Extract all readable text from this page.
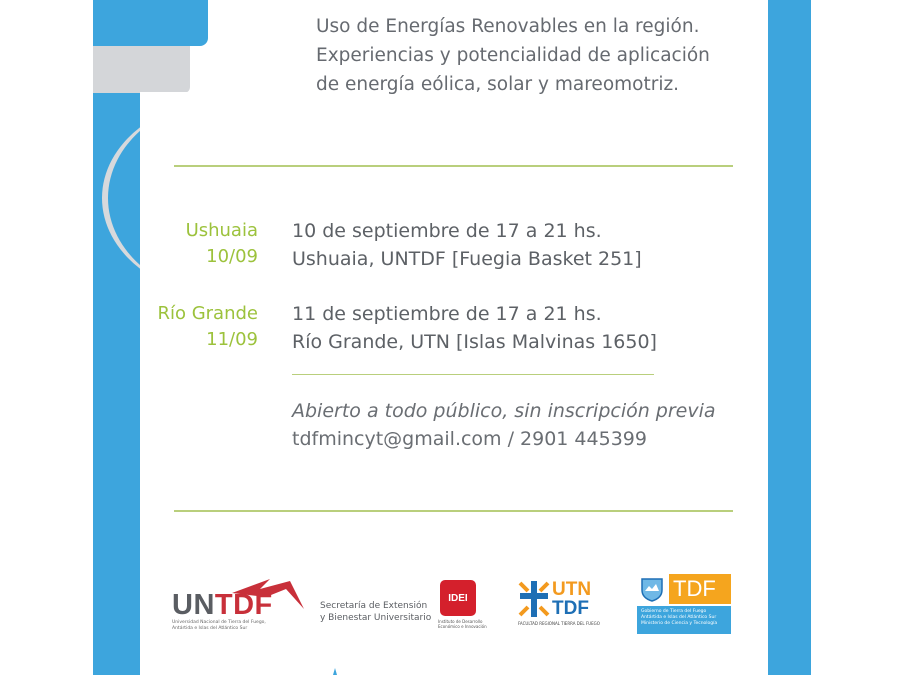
Uso de Energías Renovables en la región.
Experiencias y potencialidad de aplicación
de energía eólica, solar y mareomotriz.
Ushuaia
10/09
10 de septiembre de 17 a 21 hs.
Ushuaia, UNTDF [Fuegia Basket 251]
Río Grande
11/09
11 de septiembre de 17 a 21 hs.
Río Grande, UTN [Islas Malvinas 1650]
Abierto a todo público, sin inscripción previa
tdfmincyt@gmail.com / 2901 445399
UNTDF
Universidad Nacional de Tierra del Fuego,
Antártida e Islas del Atlántico Sur
Secretaría de Extensión
y Bienestar Universitario
IDEI
Instituto de Desarrollo
Económico e Innovación
UTN
TDF
FACULTAD REGIONAL TIERRA DEL FUEGO
TDF
Gobierno de Tierra del Fuego
Antártida e Islas del Atlántico Sur
Ministerio de Ciencia y Tecnología
